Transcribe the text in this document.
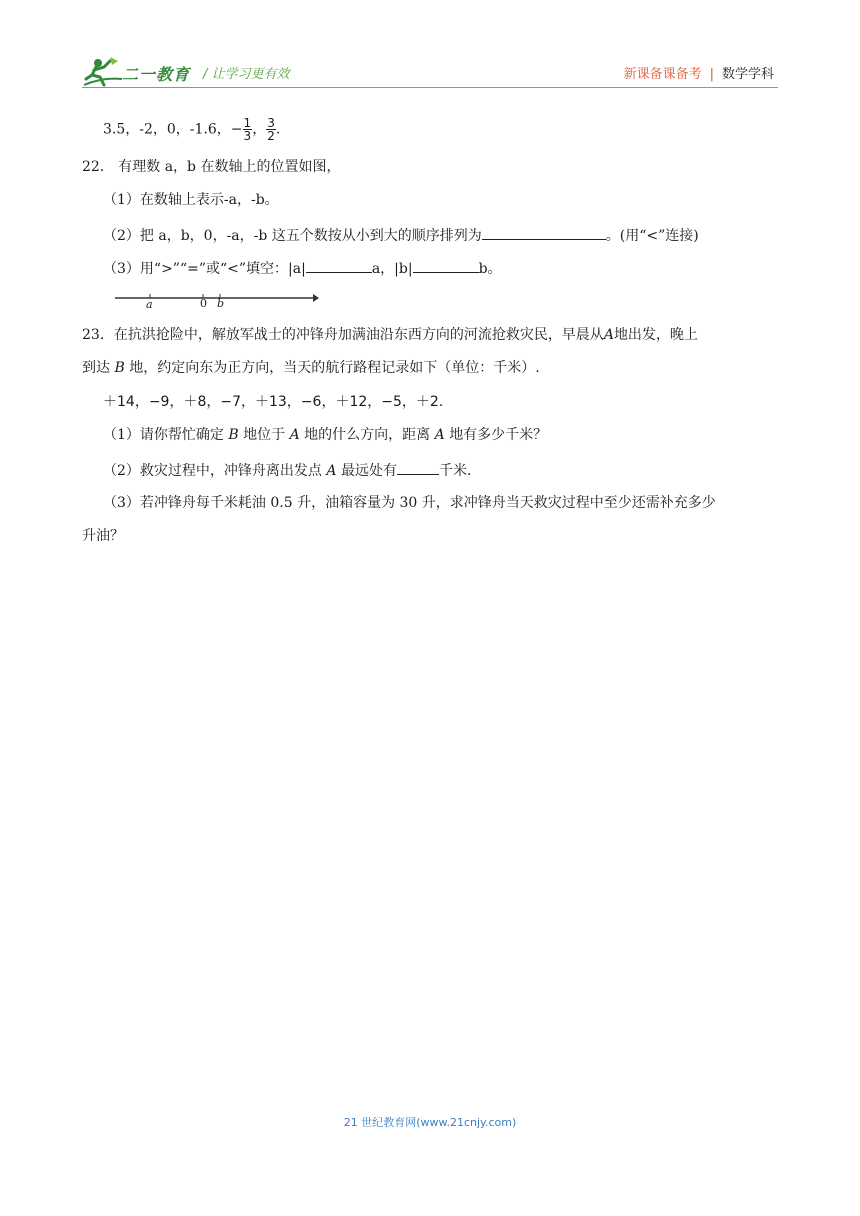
二一教育 / 让学习更有效	新课备课备考 | 数学学科
3.5，-2，0，-1.6，− $\frac{1}{3}$ ， $\frac{3}{2}$ .
22． 有理数 a，b 在数轴上的位置如图，
（1）在数轴上表示-a，-b。
（2）把 a，b，0，-a，-b 这五个数按从小到大的顺序排列为	。(用“<”连接)
（3）用“>”“=”或“<”填空：|a|	a，|b|	b。
a	0 b
23．在抗洪抢险中，解放军战士的冲锋舟加满油沿东西方向的河流抢救灾民，早晨从A地出发，晚上
到达 B 地，约定向东为正方向，当天的航行路程记录如下（单位：千米）.
＋14，−9，＋8，−7，＋13，−6，＋12，−5，＋2.
（1）请你帮忙确定 B 地位于 A 地的什么方向，距离 A 地有多少千米？
（2）救灾过程中，冲锋舟离出发点 A 最远处有	千米.
（3）若冲锋舟每千米耗油 0.5 升，油箱容量为 30 升，求冲锋舟当天救灾过程中至少还需补充多少
升油？
21 世纪教育网(www.21cnjy.com)
